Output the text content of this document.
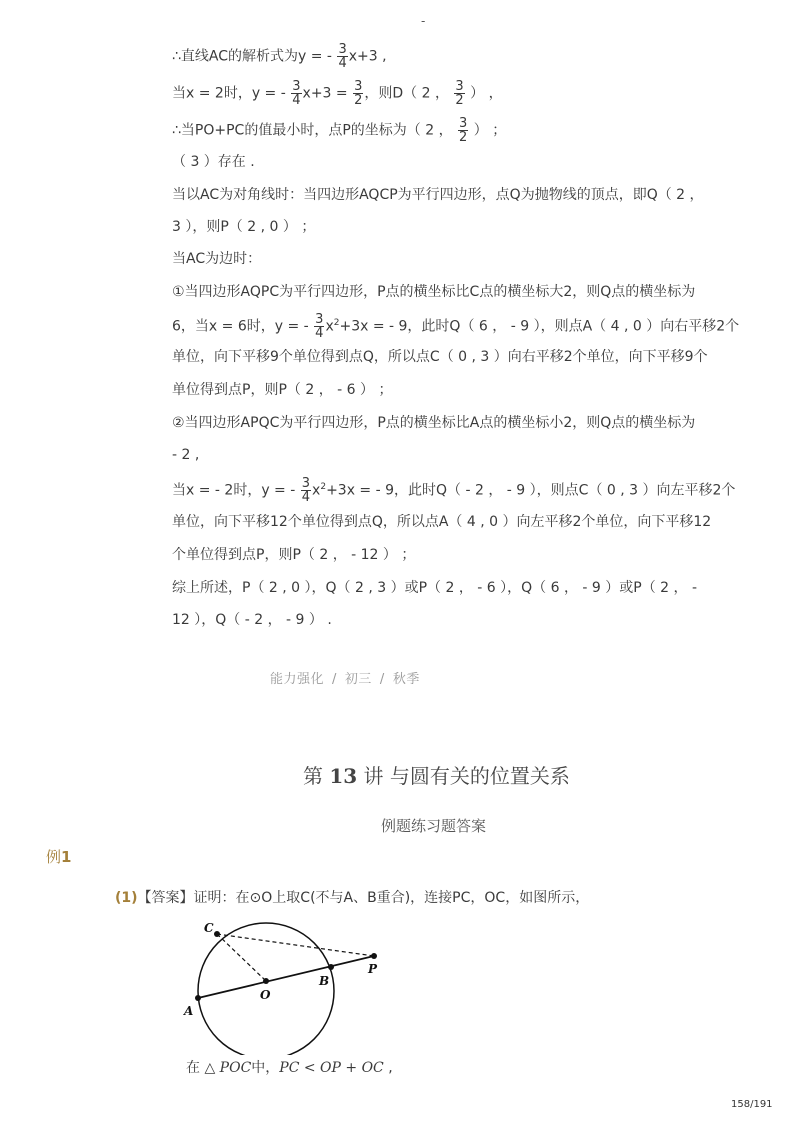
-
∴直线AC的解析式为y = - $\frac{3}{4} x+3$ ,
当x = 2时，y = - $\frac{3}{4} x+3 = \frac{3}{2}$ ，则D（ 2 ， $\frac{3}{2}$ ） ，
∴当PO+PC的值最小时，点P的坐标为（ 2 ， $\frac{3}{2}$ ） ；
（ 3 ）存在 .
当以AC为对角线时：当四边形AQCP为平行四边形，点Q为抛物线的顶点，即Q（ 2 ，
3 ），则P（ 2 , 0 ） ；
当AC为边时：
①当四边形AQPC为平行四边形，P点的横坐标比C点的横坐标大2，则Q点的横坐标为
6，当x = 6时，y = - $\frac{3}{4} x^2+3x$ = - 9，此时Q（ 6 ， - 9 ），则点A（ 4 , 0 ）向右平移2个
单位，向下平移9个单位得到点Q，所以点C（ 0 , 3 ）向右平移2个单位，向下平移9个
单位得到点P，则P（ 2 ， - 6 ） ；
②当四边形APQC为平行四边形，P点的横坐标比A点的横坐标小2，则Q点的横坐标为
- 2 ,
当x = - 2时，y = - $\frac{3}{4} x^2+3x$ = - 9，此时Q（ - 2 ， - 9 ），则点C（ 0 , 3 ）向左平移2个
单位，向下平移12个单位得到点Q，所以点A（ 4 , 0 ）向左平移2个单位，向下平移12
个单位得到点P，则P（ 2 ， - 12 ） ；
综上所述，P（ 2 , 0 ），Q（ 2 , 3 ）或P（ 2 ， - 6 ），Q（ 6 ， - 9 ）或P（ 2 ， -
12 ），Q（ - 2 ， - 9 ） .
能力强化 / 初三 / 秋季
第 13 讲 与圆有关的位置关系
例题练习题答案
例1
(1)【答案】证明：在⊙O上取C(不与A、B重合)，连接PC，OC，如图所示，
C
A
O
B
P
在 △ POC中，PC < OP + OC ,
158/191
